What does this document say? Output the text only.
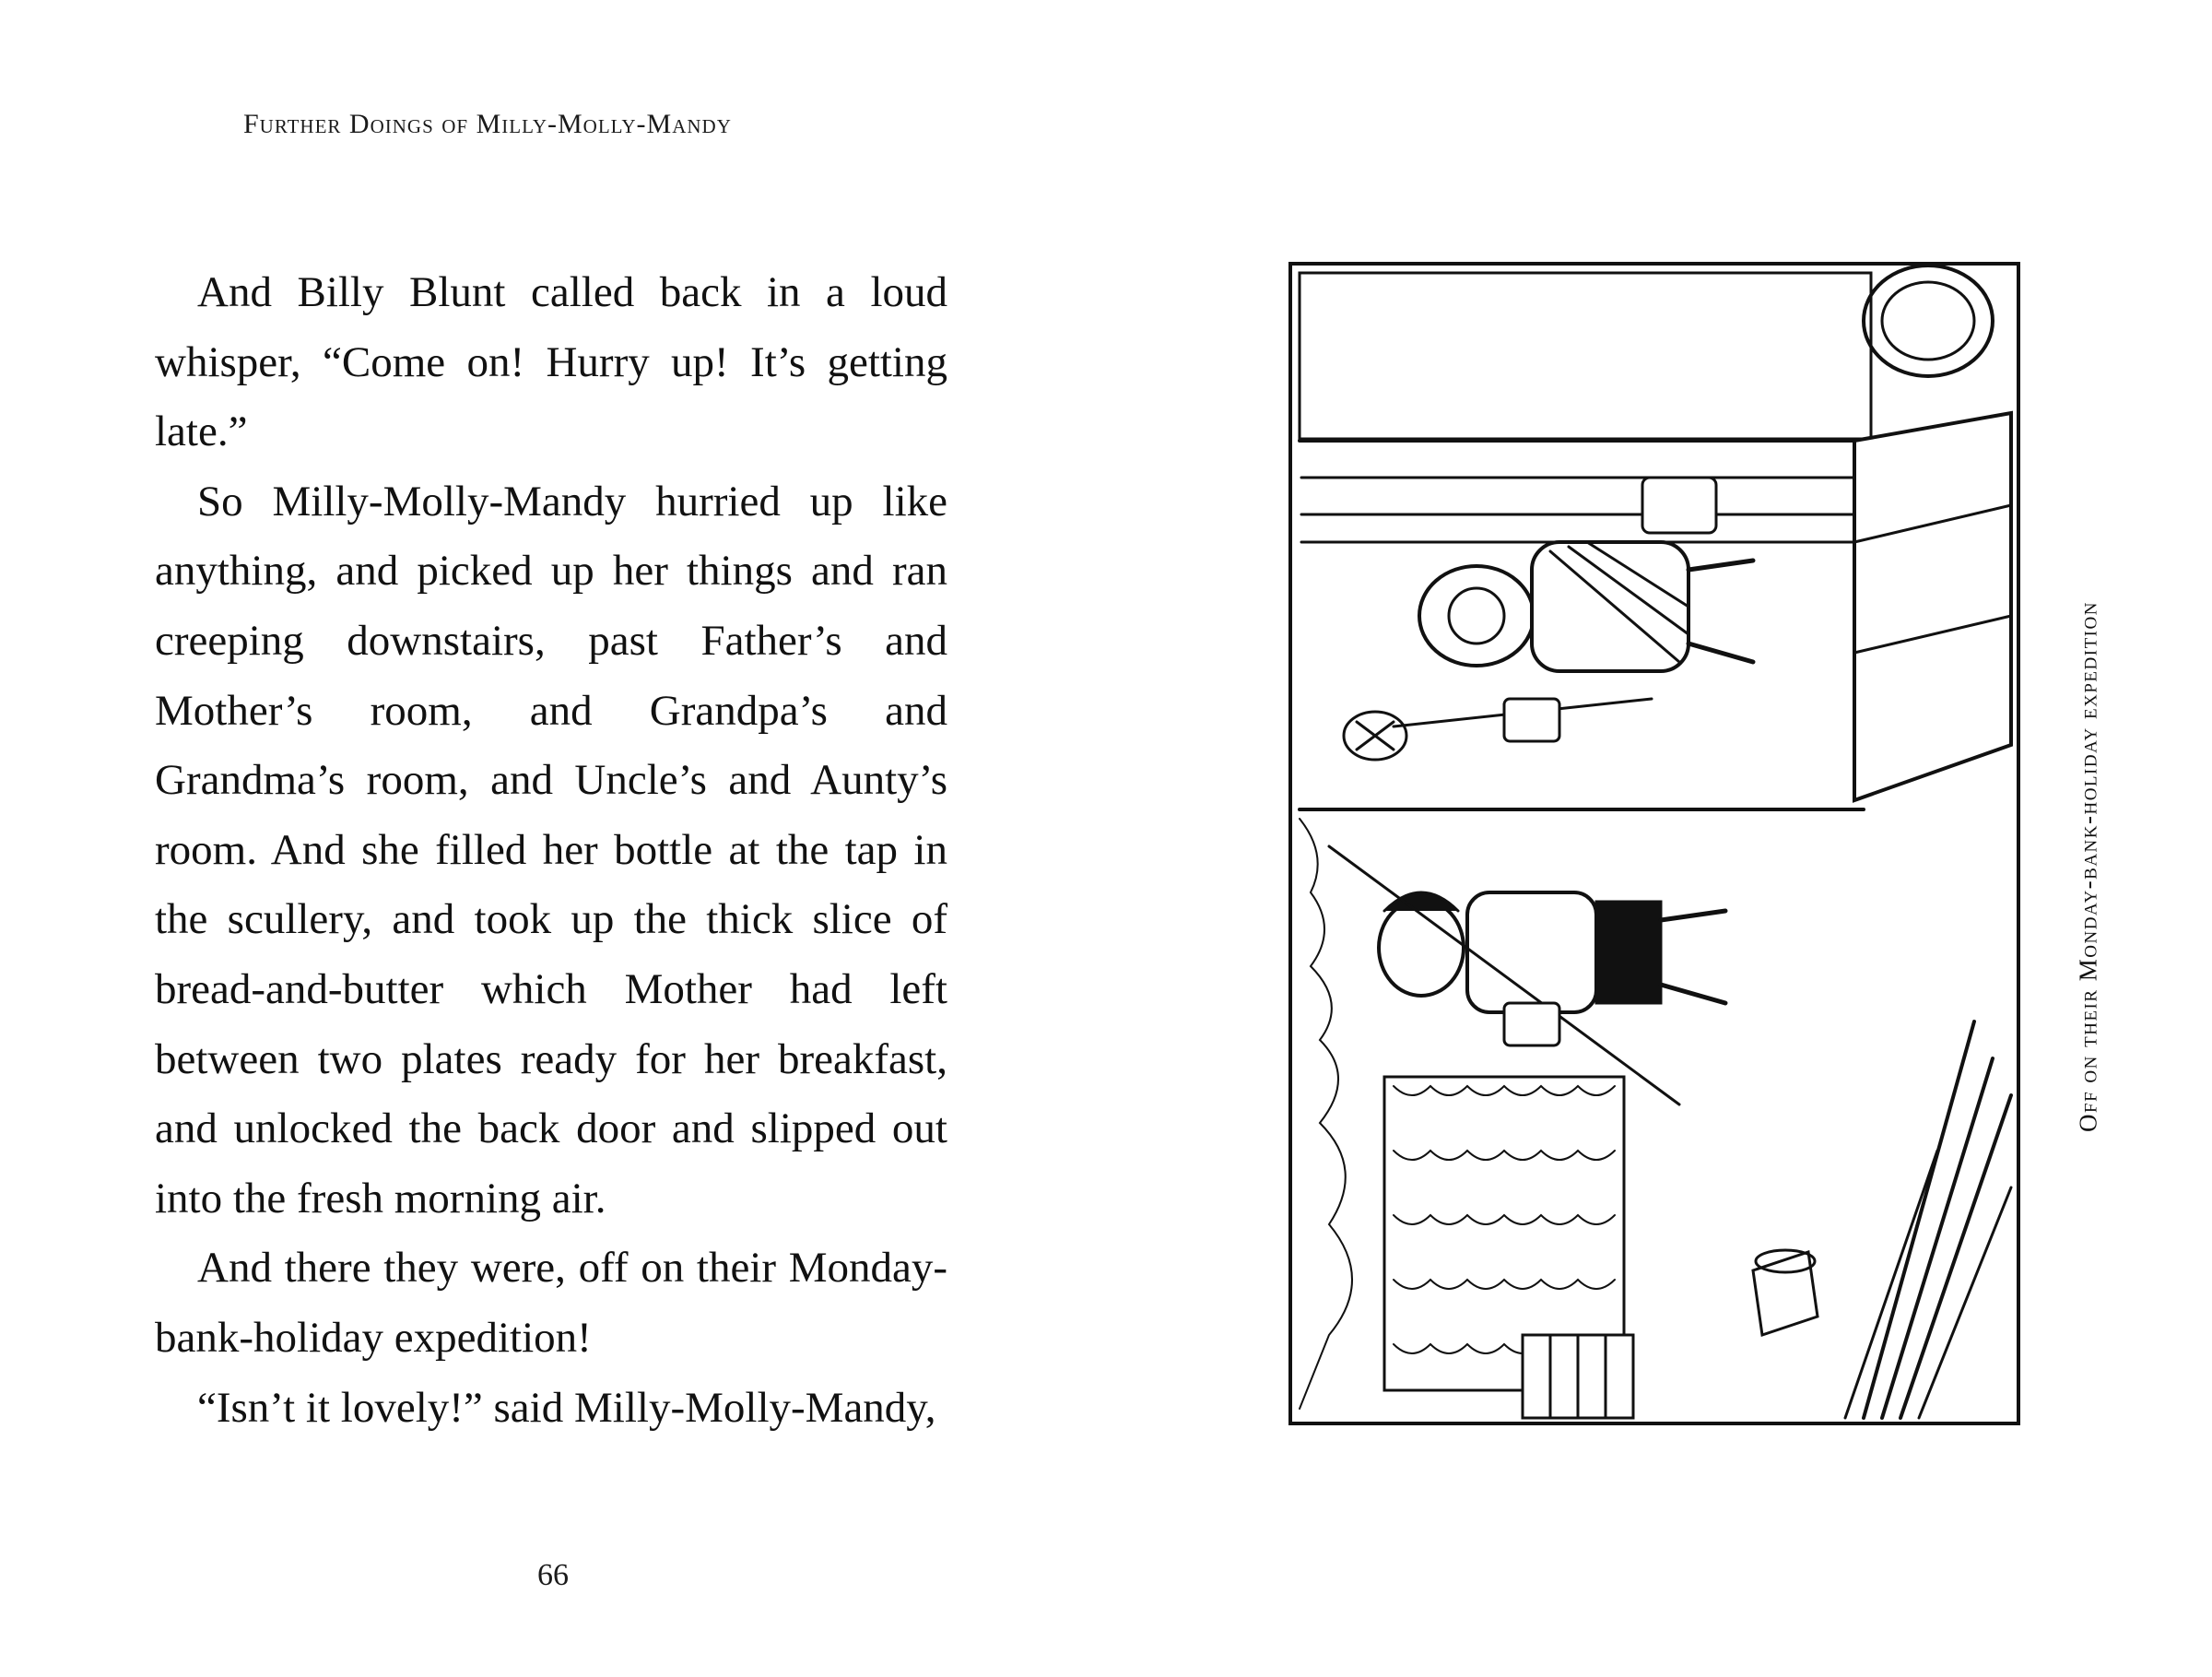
Further Doings of Milly-Molly-Mandy

And Billy Blunt called back in a loud whisper, “Come on! Hurry up! It’s getting late.”

So Milly-Molly-Mandy hurried up like anything, and picked up her things and ran creeping downstairs, past Father’s and Mother’s room, and Grandpa’s and Grandma’s room, and Uncle’s and Aunty’s room. And she filled her bottle at the tap in the scullery, and took up the thick slice of bread-and-butter which Mother had left between two plates ready for her breakfast, and unlocked the back door and slipped out into the fresh morning air.

And there they were, off on their Monday-bank-holiday expedition!

“Isn’t it lovely!” said Milly-Molly-Mandy,

66
Off on their Monday-bank-holiday expedition
